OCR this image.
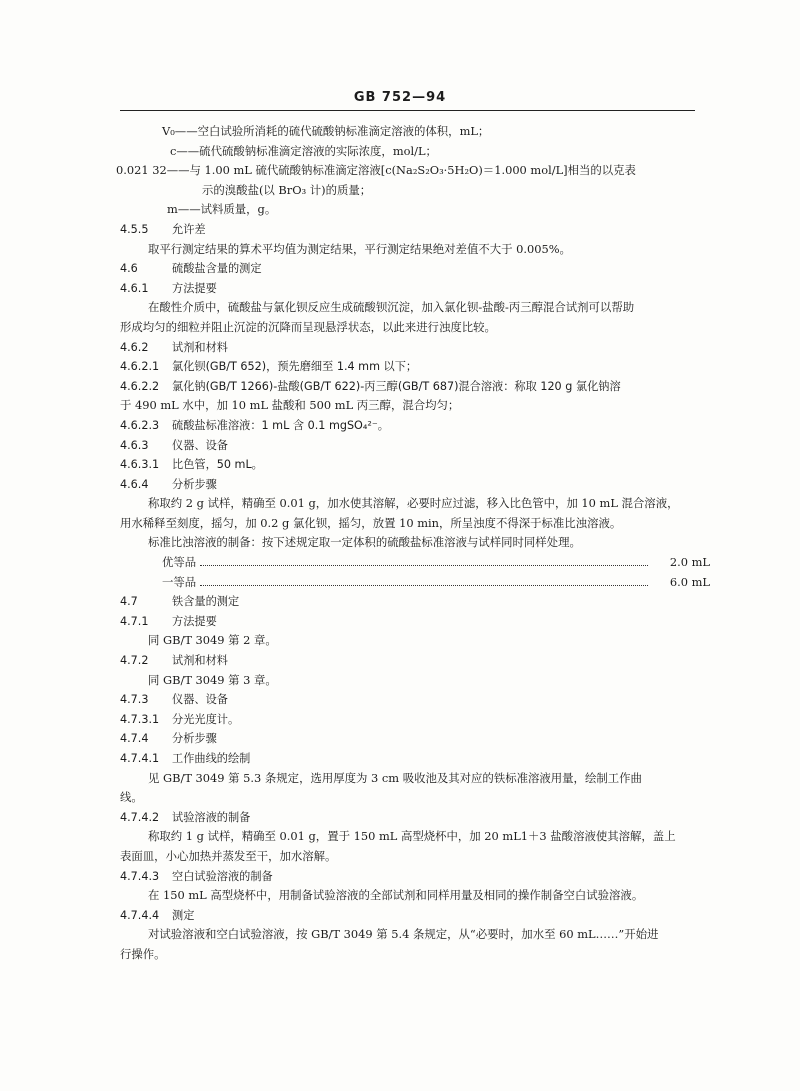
GB 752—94
V₀ —— 空白试验所消耗的硫代硫酸钠标准滴定溶液的体积，mL；
c —— 硫代硫酸钠标准滴定溶液的实际浓度，mol/L；
0.021 32 —— 与 1.00 mL 硫代硫酸钠标准滴定溶液[c(Na₂S₂O₃·5H₂O)＝1.000 mol/L]相当的以克表
示的溴酸盐(以 BrO₃ 计)的质量；
m —— 试料质量，g。
4.5.5 允许差
取平行测定结果的算术平均值为测定结果，平行测定结果绝对差值不大于 0.005%。
4.6	硫酸盐含量的测定
4.6.1 方法提要
在酸性介质中，硫酸盐与氯化钡反应生成硫酸钡沉淀，加入氯化钡-盐酸-丙三醇混合试剂可以帮助
形成均匀的细粒并阻止沉淀的沉降而呈现悬浮状态，以此来进行浊度比较。
4.6.2 试剂和材料
4.6.2.1 氯化钡(GB/T 652)，预先磨细至 1.4 mm 以下；
4.6.2.2 氯化钠(GB/T 1266)-盐酸(GB/T 622)-丙三醇(GB/T 687)混合溶液：称取 120 g 氯化钠溶
于 490 mL 水中，加 10 mL 盐酸和 500 mL 丙三醇，混合均匀；
4.6.2.3 硫酸盐标准溶液：1 mL 含 0.1 mgSO₄²⁻。
4.6.3 仪器、设备
4.6.3.1 比色管，50 mL。
4.6.4 分析步骤
称取约 2 g 试样，精确至 0.01 g，加水使其溶解，必要时应过滤，移入比色管中，加 10 mL 混合溶液，
用水稀释至刻度，摇匀，加 0.2 g 氯化钡，摇匀，放置 10 min，所呈浊度不得深于标准比浊溶液。
标准比浊溶液的制备：按下述规定取一定体积的硫酸盐标准溶液与试样同时同样处理。
优等品	2.0 mL
一等品	6.0 mL
4.7	铁含量的测定
4.7.1 方法提要
同 GB/T 3049 第 2 章。
4.7.2 试剂和材料
同 GB/T 3049 第 3 章。
4.7.3 仪器、设备
4.7.3.1 分光光度计。
4.7.4 分析步骤
4.7.4.1 工作曲线的绘制
见 GB/T 3049 第 5.3 条规定，选用厚度为 3 cm 吸收池及其对应的铁标准溶液用量，绘制工作曲
线。
4.7.4.2 试验溶液的制备
称取约 1 g 试样，精确至 0.01 g，置于 150 mL 高型烧杯中，加 20 mL1＋3 盐酸溶液使其溶解，盖上
表面皿，小心加热并蒸发至干，加水溶解。
4.7.4.3 空白试验溶液的制备
在 150 mL 高型烧杯中，用制备试验溶液的全部试剂和同样用量及相同的操作制备空白试验溶液。
4.7.4.4 测定
对试验溶液和空白试验溶液，按 GB/T 3049 第 5.4 条规定，从“必要时，加水至 60 mL……”开始进
行操作。
